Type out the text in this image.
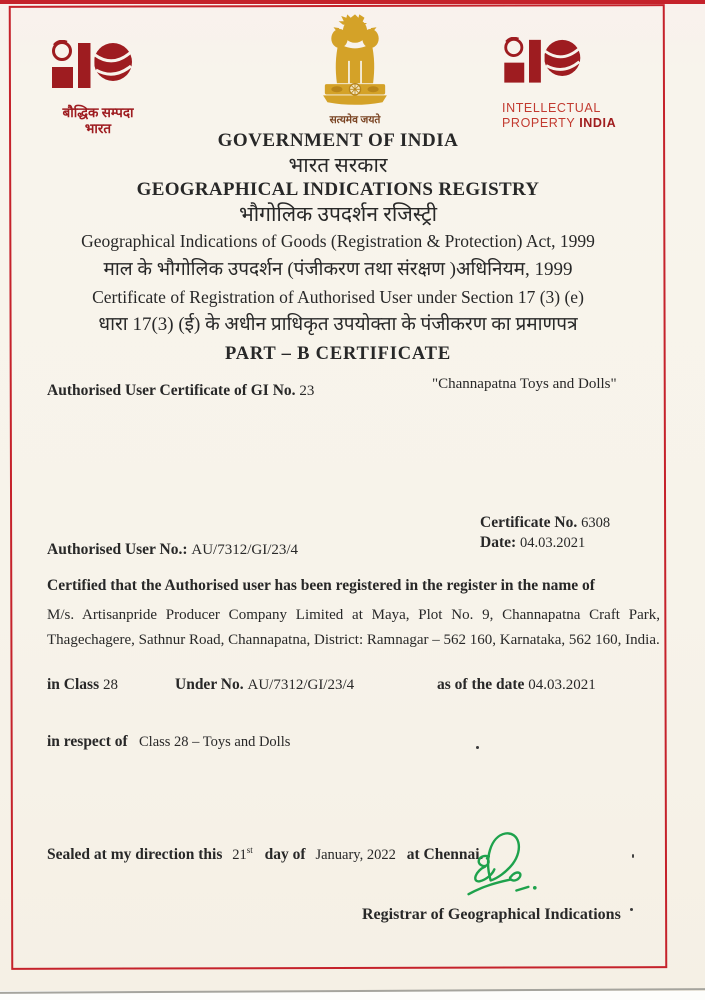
बौद्धिक सम्पदा
भारत
सत्यमेव जयते
INTELLECTUAL
PROPERTY INDIA
GOVERNMENT OF INDIA
भारत सरकार
GEOGRAPHICAL INDICATIONS REGISTRY
भौगोलिक उपदर्शन रजिस्ट्री
Geographical Indications of Goods (Registration & Protection) Act, 1999
माल के भौगोलिक उपदर्शन (पंजीकरण तथा संरक्षण )अधिनियम, 1999
Certificate of Registration of Authorised User under Section 17 (3) (e)
धारा 17(3) (ई) के अधीन प्राधिकृत उपयोक्ता के पंजीकरण का प्रमाणपत्र
PART – B CERTIFICATE
Authorised User Certificate of GI No. 23	"Channapatna Toys and Dolls"
Certificate No. 6308
Date: 04.03.2021
Authorised User No.: AU/7312/GI/23/4
Certified that the Authorised user has been registered in the register in the name of
M/s. Artisanpride Producer Company Limited at Maya, Plot No. 9, Channapatna Craft Park, Thagechagere, Sathnur Road, Channapatna, District: Ramnagar – 562 160, Karnataka, 562 160, India.
in Class 28	Under No. AU/7312/GI/23/4	as of the date 04.03.2021
in respect of Class 28 – Toys and Dolls
Sealed at my direction this 21st day of January, 2022 at Chennai.
Registrar of Geographical Indications
